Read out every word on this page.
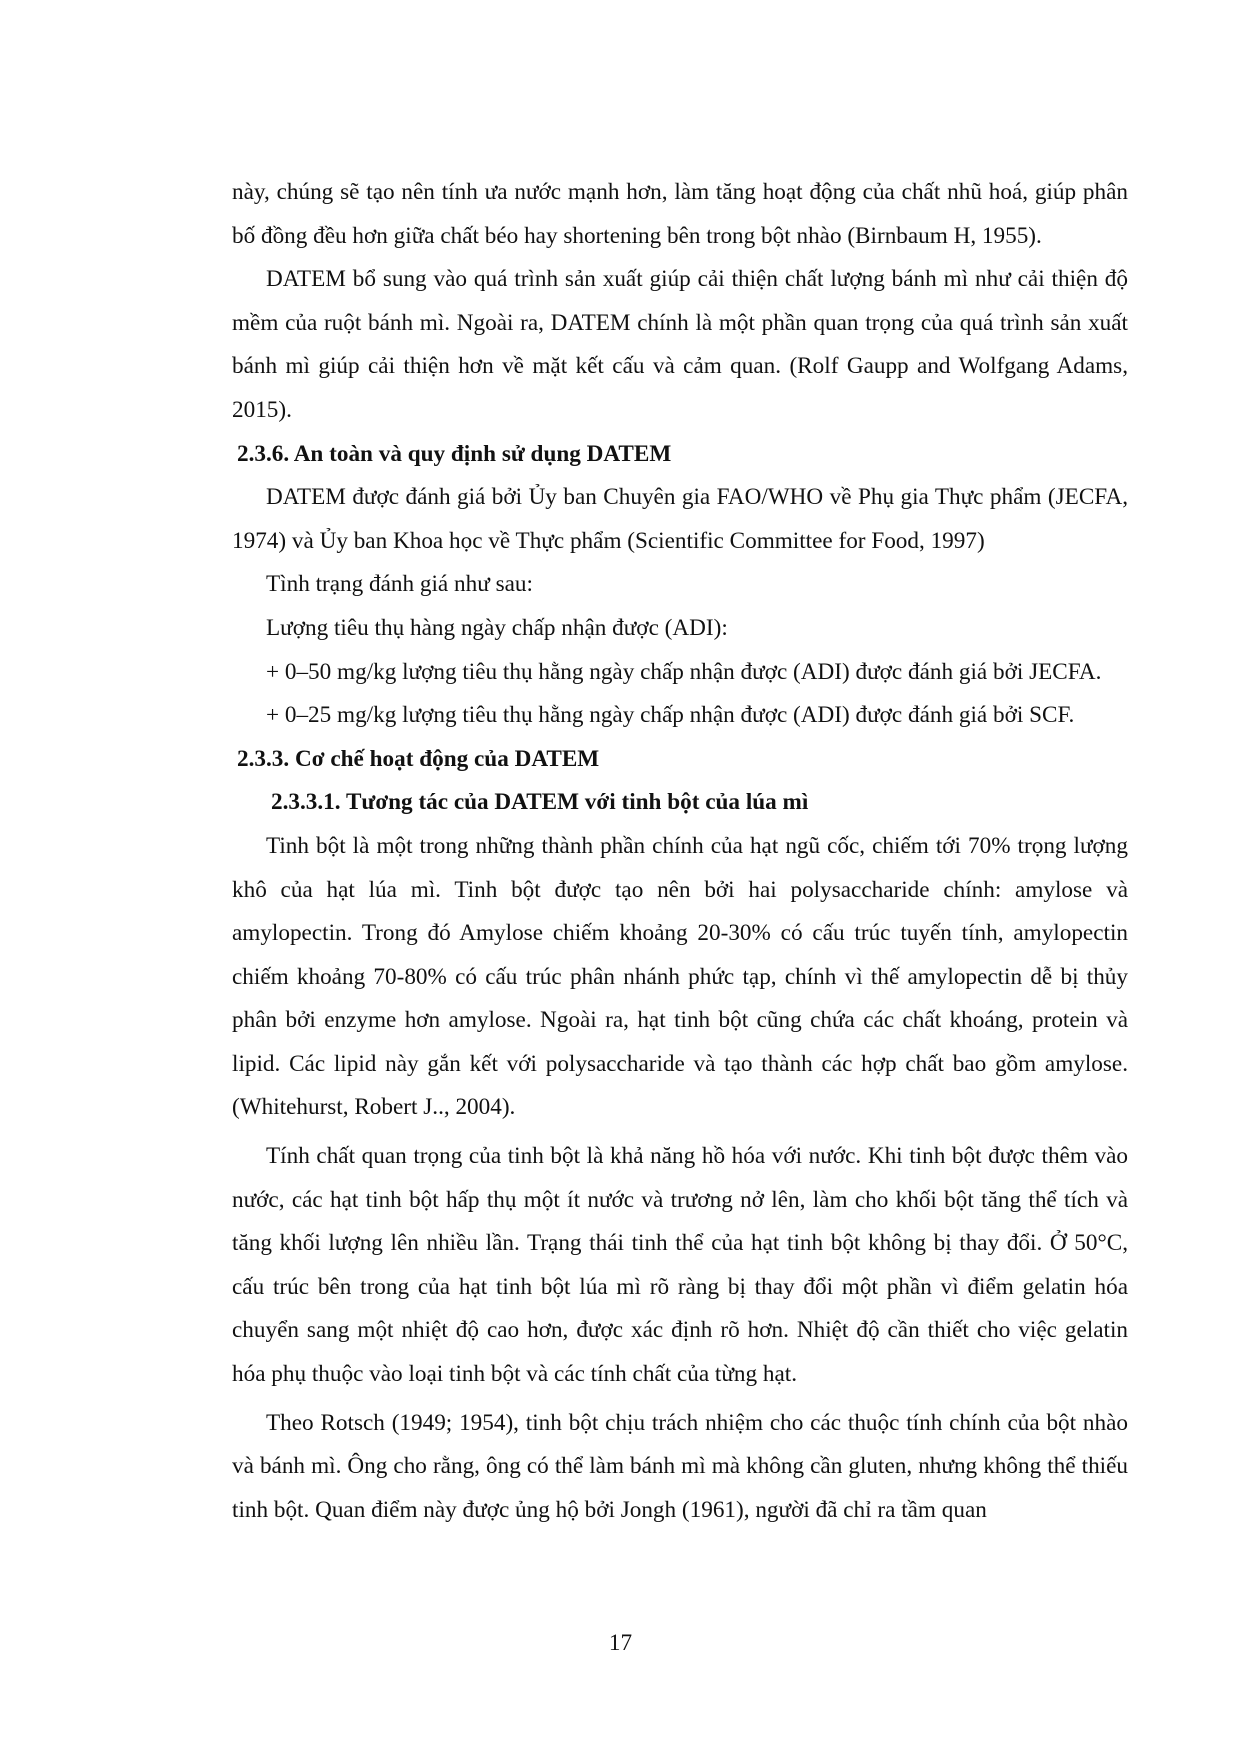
này, chúng sẽ tạo nên tính ưa nước mạnh hơn, làm tăng hoạt động của chất nhũ hoá, giúp phân bố đồng đều hơn giữa chất béo hay shortening bên trong bột nhào (Birnbaum H, 1955).

DATEM bổ sung vào quá trình sản xuất giúp cải thiện chất lượng bánh mì như cải thiện độ mềm của ruột bánh mì. Ngoài ra, DATEM chính là một phần quan trọng của quá trình sản xuất bánh mì giúp cải thiện hơn về mặt kết cấu và cảm quan. (Rolf Gaupp and Wolfgang Adams, 2015).

2.3.6. An toàn và quy định sử dụng DATEM

DATEM được đánh giá bởi Ủy ban Chuyên gia FAO/WHO về Phụ gia Thực phẩm (JECFA, 1974) và Ủy ban Khoa học về Thực phẩm (Scientific Committee for Food, 1997)

Tình trạng đánh giá như sau:

Lượng tiêu thụ hàng ngày chấp nhận được (ADI):

+ 0–50 mg/kg lượng tiêu thụ hằng ngày chấp nhận được (ADI) được đánh giá bởi JECFA.

+ 0–25 mg/kg lượng tiêu thụ hằng ngày chấp nhận được (ADI) được đánh giá bởi SCF.

2.3.3. Cơ chế hoạt động của DATEM

2.3.3.1. Tương tác của DATEM với tinh bột của lúa mì

Tinh bột là một trong những thành phần chính của hạt ngũ cốc, chiếm tới 70% trọng lượng khô của hạt lúa mì. Tinh bột được tạo nên bởi hai polysaccharide chính: amylose và amylopectin. Trong đó Amylose chiếm khoảng 20-30% có cấu trúc tuyến tính, amylopectin chiếm khoảng 70-80% có cấu trúc phân nhánh phức tạp, chính vì thế amylopectin dễ bị thủy phân bởi enzyme hơn amylose. Ngoài ra, hạt tinh bột cũng chứa các chất khoáng, protein và lipid. Các lipid này gắn kết với polysaccharide và tạo thành các hợp chất bao gồm amylose. (Whitehurst, Robert J.., 2004).

Tính chất quan trọng của tinh bột là khả năng hồ hóa với nước. Khi tinh bột được thêm vào nước, các hạt tinh bột hấp thụ một ít nước và trương nở lên, làm cho khối bột tăng thể tích và tăng khối lượng lên nhiều lần. Trạng thái tinh thể của hạt tinh bột không bị thay đổi. Ở 50°C, cấu trúc bên trong của hạt tinh bột lúa mì rõ ràng bị thay đổi một phần vì điểm gelatin hóa chuyển sang một nhiệt độ cao hơn, được xác định rõ hơn. Nhiệt độ cần thiết cho việc gelatin hóa phụ thuộc vào loại tinh bột và các tính chất của từng hạt.

Theo Rotsch (1949; 1954), tinh bột chịu trách nhiệm cho các thuộc tính chính của bột nhào và bánh mì. Ông cho rằng, ông có thể làm bánh mì mà không cần gluten, nhưng không thể thiếu tinh bột. Quan điểm này được ủng hộ bởi Jongh (1961), người đã chỉ ra tầm quan

17
